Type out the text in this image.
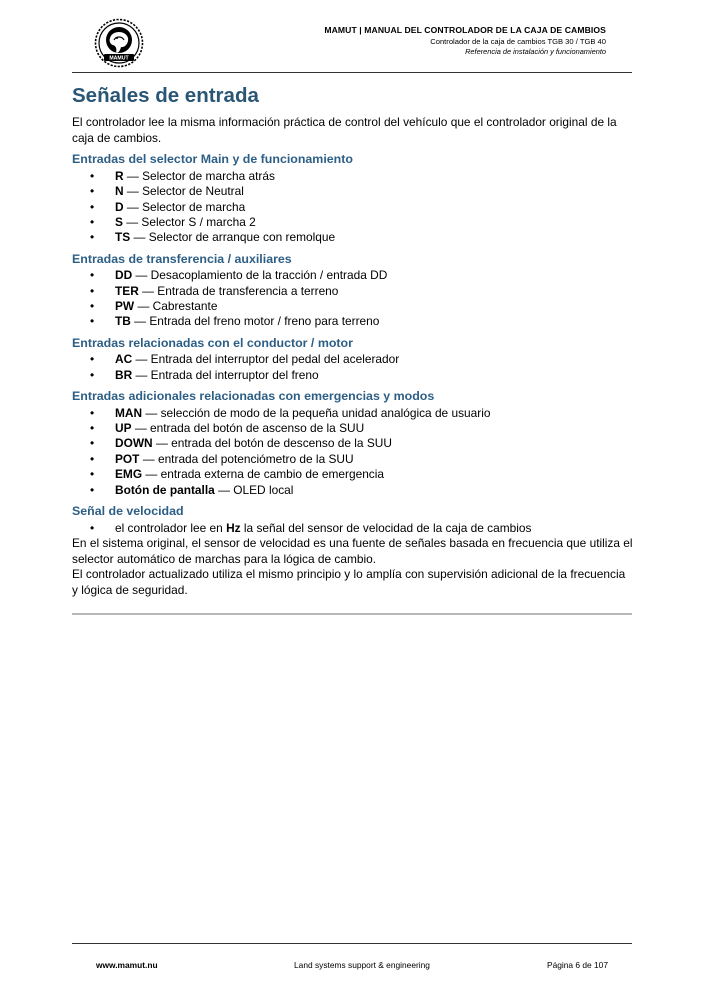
MAMUT
MAMUT | MANUAL DEL CONTROLADOR DE LA CAJA DE CAMBIOS
Controlador de la caja de cambios TGB 30 / TGB 40
Referencia de instalación y funcionamiento
Señales de entrada

El controlador lee la misma información práctica de control del vehículo que el controlador original de la caja de cambios.

Entradas del selector Main y de funcionamiento
• R — Selector de marcha atrás
• N — Selector de Neutral
• D — Selector de marcha
• S — Selector S / marcha 2
• TS — Selector de arranque con remolque
Entradas de transferencia / auxiliares
• DD — Desacoplamiento de la tracción / entrada DD
• TER — Entrada de transferencia a terreno
• PW — Cabrestante
• TB — Entrada del freno motor / freno para terreno
Entradas relacionadas con el conductor / motor
• AC — Entrada del interruptor del pedal del acelerador
• BR — Entrada del interruptor del freno
Entradas adicionales relacionadas con emergencias y modos
• MAN — selección de modo de la pequeña unidad analógica de usuario
• UP — entrada del botón de ascenso de la SUU
• DOWN — entrada del botón de descenso de la SUU
• POT — entrada del potenciómetro de la SUU
• EMG — entrada externa de cambio de emergencia
• Botón de pantalla — OLED local
Señal de velocidad
• el controlador lee en Hz la señal del sensor de velocidad de la caja de cambios

En el sistema original, el sensor de velocidad es una fuente de señales basada en frecuencia que utiliza el selector automático de marchas para la lógica de cambio.

El controlador actualizado utiliza el mismo principio y lo amplía con supervisión adicional de la frecuencia y lógica de seguridad.

www.mamut.nu	Land systems support & engineering	Página 6 de 107
